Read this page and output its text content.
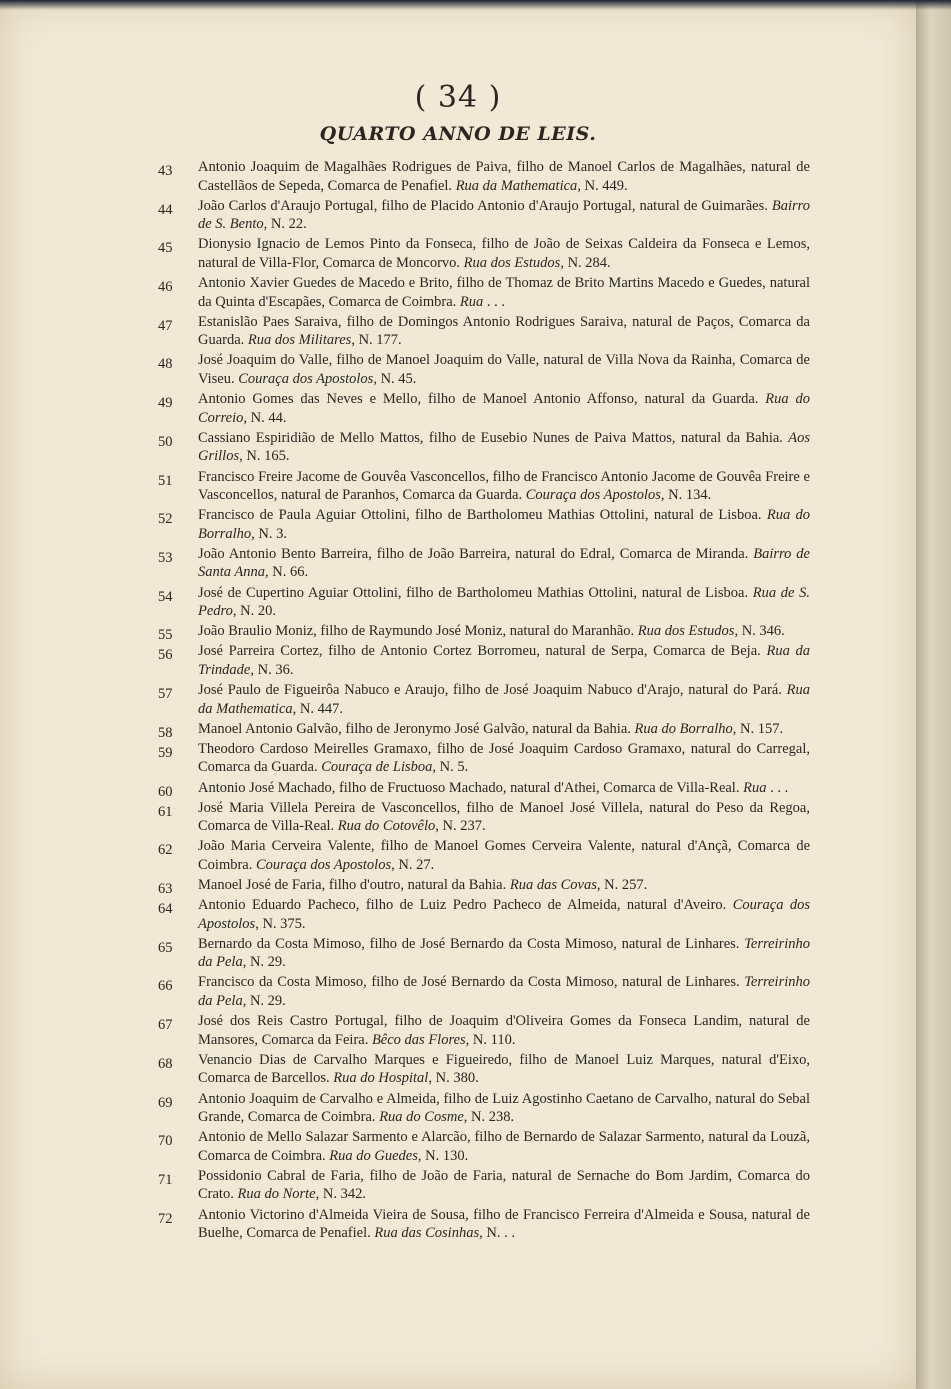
( 34 )
QUARTO ANNO DE LEIS.
43	Antonio Joaquim de Magalhães Rodrigues de Paiva, filho de Manoel Carlos de Magalhães, natural de Castellãos de Sepeda, Comarca de Penafiel. Rua da Mathematica, N. 449.
44	João Carlos d'Araujo Portugal, filho de Placido Antonio d'Araujo Portugal, natural de Guimarães. Bairro de S. Bento, N. 22.
45	Dionysio Ignacio de Lemos Pinto da Fonseca, filho de João de Seixas Caldeira da Fonseca e Lemos, natural de Villa-Flor, Comarca de Moncorvo. Rua dos Estudos, N. 284.
46	Antonio Xavier Guedes de Macedo e Brito, filho de Thomaz de Brito Martins Macedo e Guedes, natural da Quinta d'Escapães, Comarca de Coimbra. Rua . . .
47	Estanislão Paes Saraiva, filho de Domingos Antonio Rodrigues Saraiva, natural de Paços, Comarca da Guarda. Rua dos Militares, N. 177.
48	José Joaquim do Valle, filho de Manoel Joaquim do Valle, natural de Villa Nova da Rainha, Comarca de Viseu. Couraça dos Apostolos, N. 45.
49	Antonio Gomes das Neves e Mello, filho de Manoel Antonio Affonso, natural da Guarda. Rua do Correio, N. 44.
50	Cassiano Espiridião de Mello Mattos, filho de Eusebio Nunes de Paiva Mattos, natural da Bahia. Aos Grillos, N. 165.
51	Francisco Freire Jacome de Gouvêa Vasconcellos, filho de Francisco Antonio Jacome de Gouvêa Freire e Vasconcellos, natural de Paranhos, Comarca da Guarda. Couraça dos Apostolos, N. 134.
52	Francisco de Paula Aguiar Ottolini, filho de Bartholomeu Mathias Ottolini, natural de Lisboa. Rua do Borralho, N. 3.
53	João Antonio Bento Barreira, filho de João Barreira, natural do Edral, Comarca de Miranda. Bairro de Santa Anna, N. 66.
54	José de Cupertino Aguiar Ottolini, filho de Bartholomeu Mathias Ottolini, natural de Lisboa. Rua de S. Pedro, N. 20.
55	João Braulio Moniz, filho de Raymundo José Moniz, natural do Maranhão. Rua dos Estudos, N. 346.
56	José Parreira Cortez, filho de Antonio Cortez Borromeu, natural de Serpa, Comarca de Beja. Rua da Trindade, N. 36.
57	José Paulo de Figueirôa Nabuco e Araujo, filho de José Joaquim Nabuco d'Arajo, natural do Pará. Rua da Mathematica, N. 447.
58	Manoel Antonio Galvão, filho de Jeronymo José Galvão, natural da Bahia. Rua do Borralho, N. 157.
59	Theodoro Cardoso Meirelles Gramaxo, filho de José Joaquim Cardoso Gramaxo, natural do Carregal, Comarca da Guarda. Couraça de Lisboa, N. 5.
60	Antonio José Machado, filho de Fructuoso Machado, natural d'Athei, Comarca de Villa-Real. Rua . . .
61	José Maria Villela Pereira de Vasconcellos, filho de Manoel José Villela, natural do Peso da Regoa, Comarca de Villa-Real. Rua do Cotovêlo, N. 237.
62	João Maria Cerveira Valente, filho de Manoel Gomes Cerveira Valente, natural d'Ançã, Comarca de Coimbra. Couraça dos Apostolos, N. 27.
63	Manoel José de Faria, filho d'outro, natural da Bahia. Rua das Covas, N. 257.
64	Antonio Eduardo Pacheco, filho de Luiz Pedro Pacheco de Almeida, natural d'Aveiro. Couraça dos Apostolos, N. 375.
65	Bernardo da Costa Mimoso, filho de José Bernardo da Costa Mimoso, natural de Linhares. Terreirinho da Pela, N. 29.
66	Francisco da Costa Mimoso, filho de José Bernardo da Costa Mimoso, natural de Linhares. Terreirinho da Pela, N. 29.
67	José dos Reis Castro Portugal, filho de Joaquim d'Oliveira Gomes da Fonseca Landim, natural de Mansores, Comarca da Feira. Bêco das Flores, N. 110.
68	Venancio Dias de Carvalho Marques e Figueiredo, filho de Manoel Luiz Marques, natural d'Eixo, Comarca de Barcellos. Rua do Hospital, N. 380.
69	Antonio Joaquim de Carvalho e Almeida, filho de Luiz Agostinho Caetano de Carvalho, natural do Sebal Grande, Comarca de Coimbra. Rua do Cosme, N. 238.
70	Antonio de Mello Salazar Sarmento e Alarcão, filho de Bernardo de Salazar Sarmento, natural da Louzã, Comarca de Coimbra. Rua do Guedes, N. 130.
71	Possidonio Cabral de Faria, filho de João de Faria, natural de Sernache do Bom Jardim, Comarca do Crato. Rua do Norte, N. 342.
72	Antonio Victorino d'Almeida Vieira de Sousa, filho de Francisco Ferreira d'Almeida e Sousa, natural de Buelhe, Comarca de Penafiel. Rua das Cosinhas, N. . .
